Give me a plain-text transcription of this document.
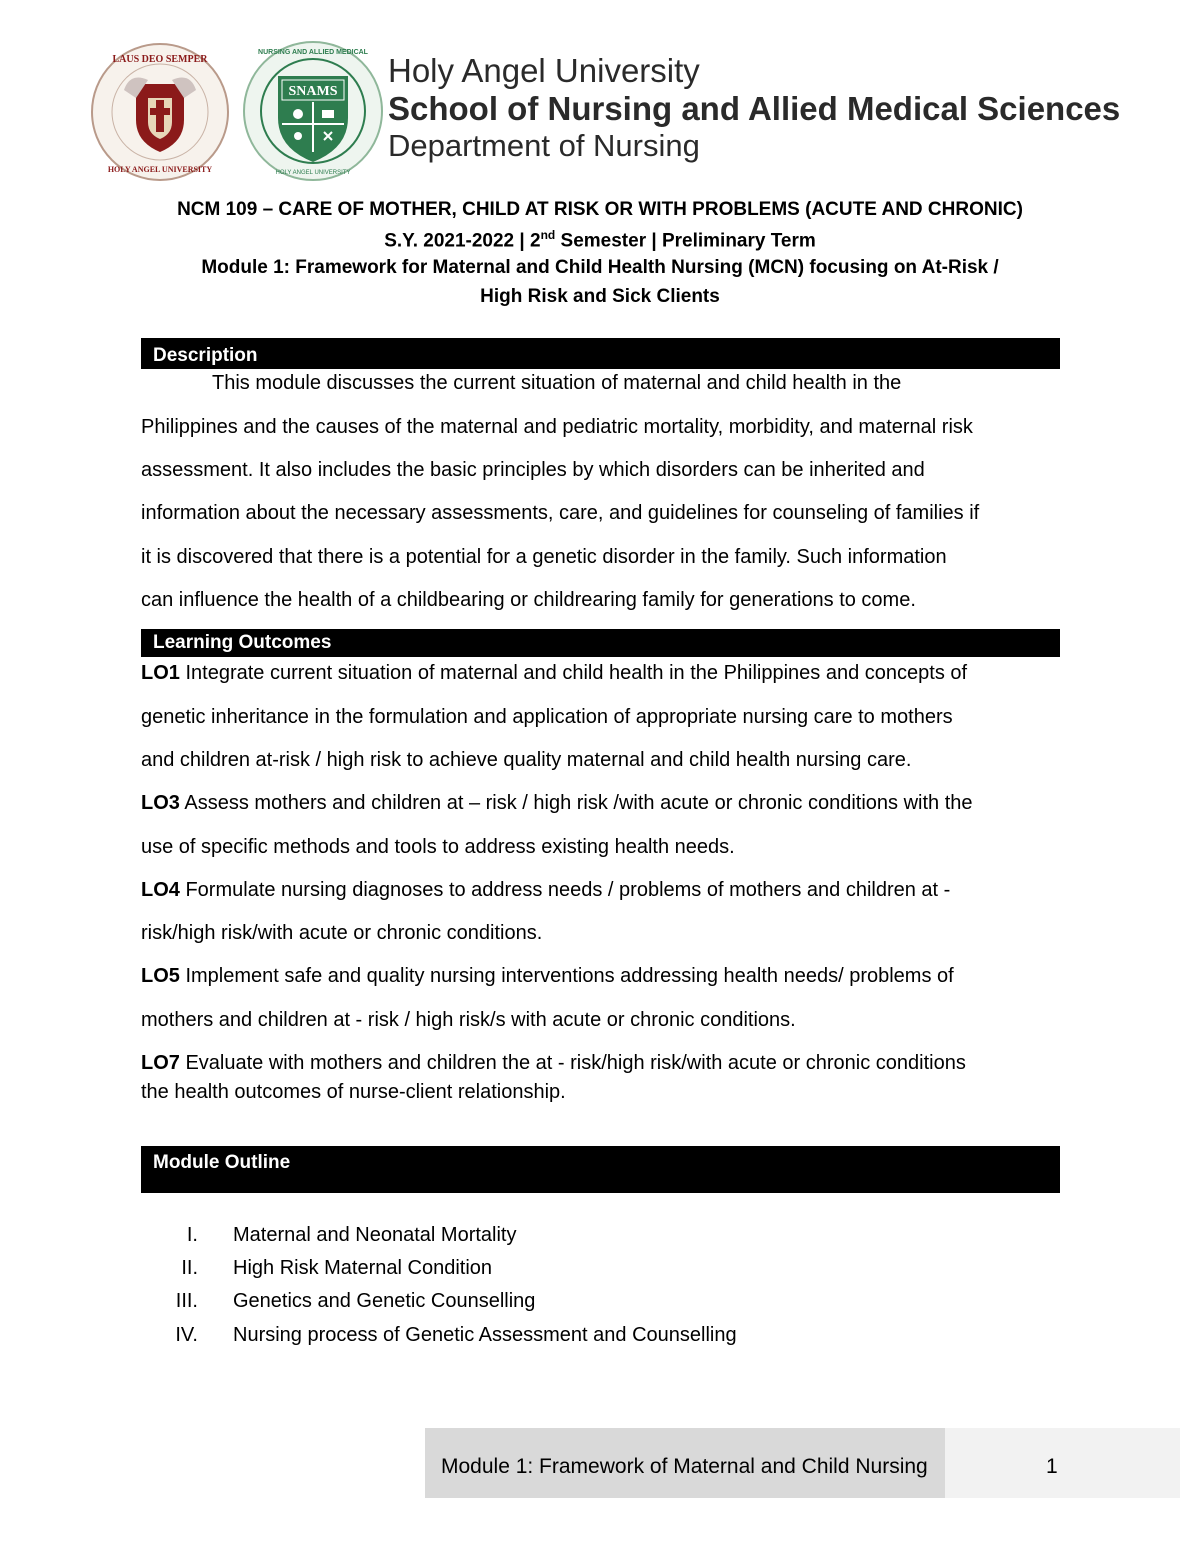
LAUS DEO SEMPER
HOLY ANGEL UNIVERSITY
SNAMS
NURSING AND ALLIED MEDICAL
HOLY ANGEL UNIVERSITY
Holy Angel University
School of Nursing and Allied Medical Sciences
Department of Nursing
NCM 109 – CARE OF MOTHER, CHILD AT RISK OR WITH PROBLEMS (ACUTE AND CHRONIC)
S.Y. 2021-2022 | 2nd Semester | Preliminary Term
Module 1: Framework for Maternal and Child Health Nursing (MCN) focusing on At-Risk /
High Risk and Sick Clients
Description
This module discusses the current situation of maternal and child health in the
Philippines and the causes of the maternal and pediatric mortality, morbidity, and maternal risk
assessment. It also includes the basic principles by which disorders can be inherited and
information about the necessary assessments, care, and guidelines for counseling of families if
it is discovered that there is a potential for a genetic disorder in the family. Such information
can influence the health of a childbearing or childrearing family for generations to come.
Learning Outcomes
LO1 Integrate current situation of maternal and child health in the Philippines and concepts of
genetic inheritance in the formulation and application of appropriate nursing care to mothers
and children at-risk / high risk to achieve quality maternal and child health nursing care.
LO3 Assess mothers and children at – risk / high risk /with acute or chronic conditions with the
use of specific methods and tools to address existing health needs.
LO4 Formulate nursing diagnoses to address needs / problems of mothers and children at -
risk/high risk/with acute or chronic conditions.
LO5 Implement safe and quality nursing interventions addressing health needs/ problems of
mothers and children at - risk / high risk/s with acute or chronic conditions.
LO7 Evaluate with mothers and children the at - risk/high risk/with acute or chronic conditions
the health outcomes of nurse-client relationship.
Module Outline
I. Maternal and Neonatal Mortality
II. High Risk Maternal Condition
III. Genetics and Genetic Counselling
IV. Nursing process of Genetic Assessment and Counselling
Module 1: Framework of Maternal and Child Nursing	1
